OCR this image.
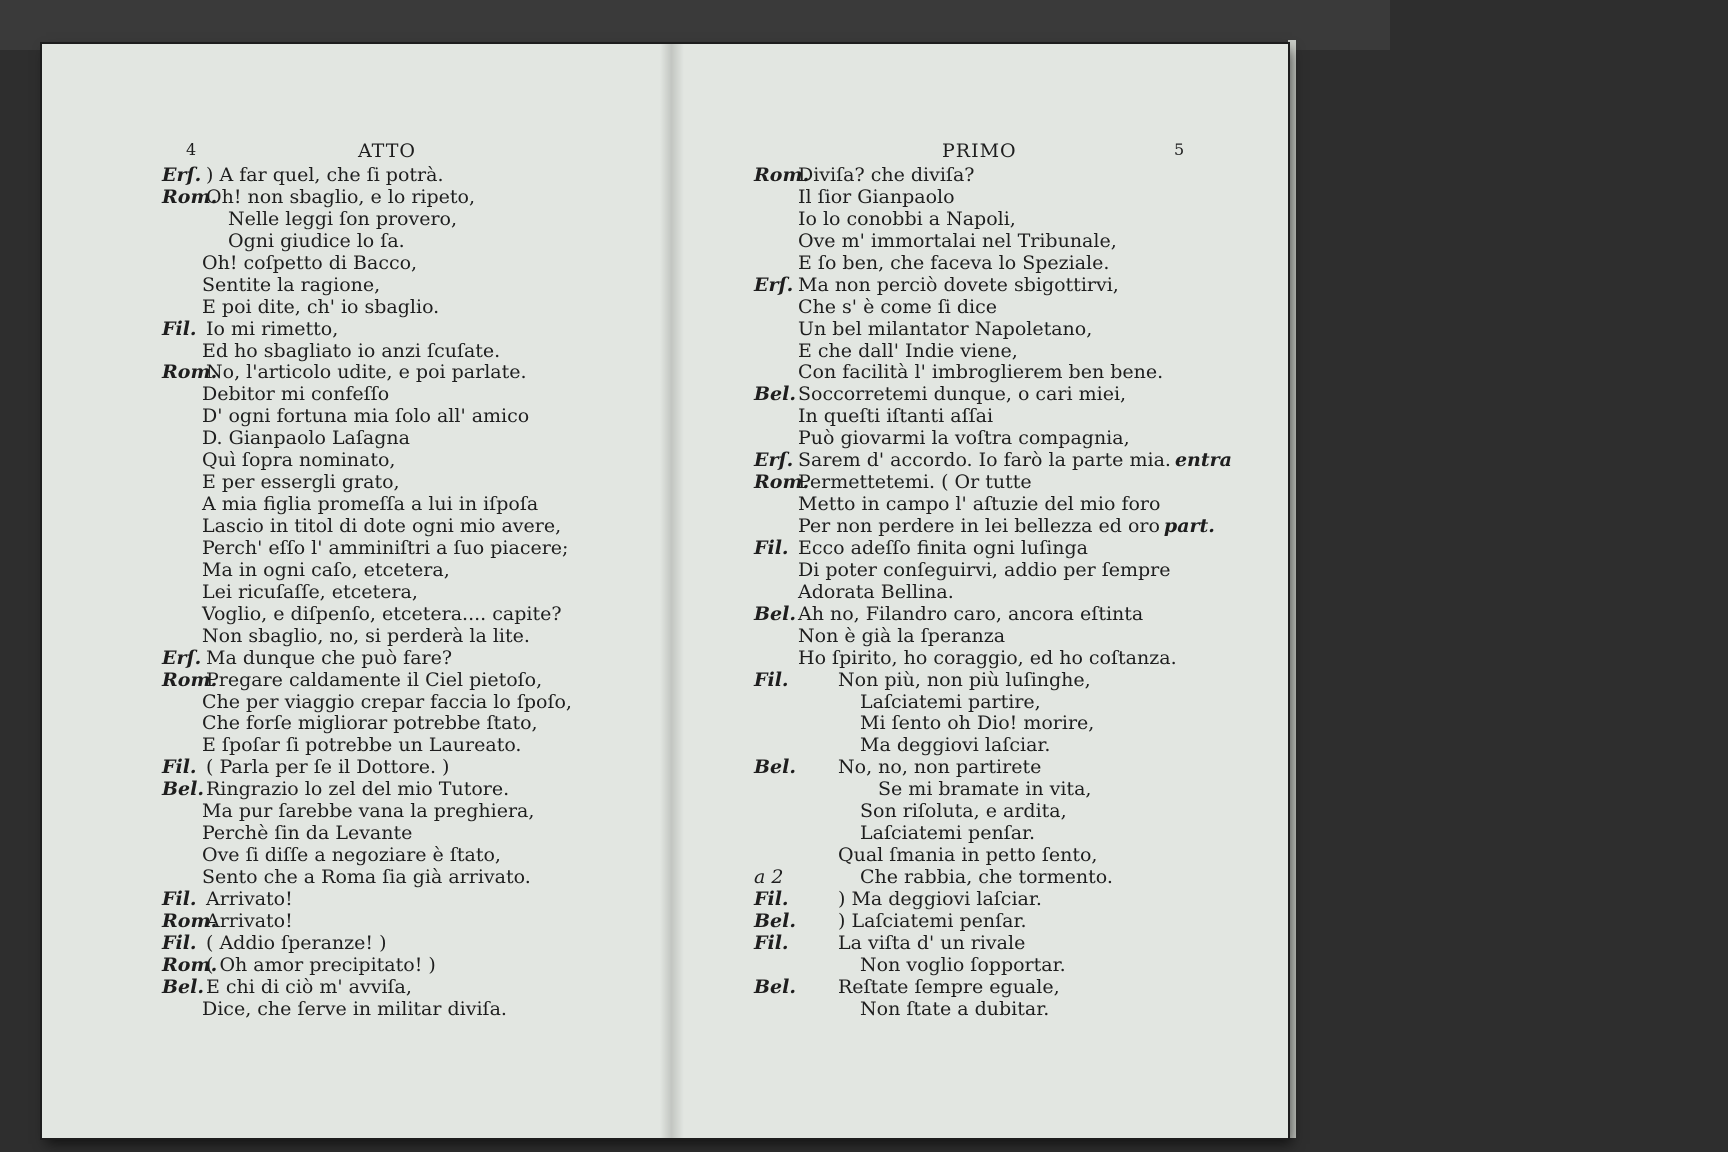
4	ATTO
Erſ. ) A far quel, che ſi potrà.
Rom.Oh! non sbaglio, e lo ripeto,
Nelle leggi ſon provero,
Ogni giudice lo ſa.
Oh! coſpetto di Bacco,
Sentite la ragione,
E poi dite, ch' io sbaglio.
Fil. Io mi rimetto,
Ed ho sbagliato io anzi ſcuſate.
Rom.No, l'articolo udite, e poi parlate.
Debitor mi confeſſo
D' ogni fortuna mia ſolo all' amico
D. Gianpaolo Laſagna
Quì ſopra nominato,
E per essergli grato,
A mia figlia promeſſa a lui in iſpoſa
Lascio in titol di dote ogni mio avere,
Perch' eſſo l' amminiſtri a ſuo piacere;
Ma in ogni caſo, etcetera,
Lei ricuſaſſe, etcetera,
Voglio, e diſpenſo, etcetera.... capite?
Non sbaglio, no, si perderà la lite.
Erſ. Ma dunque che può fare?
Rom.Pregare caldamente il Ciel pietoſo,
Che per viaggio crepar faccia lo ſpoſo,
Che forſe migliorar potrebbe ſtato,
E ſpoſar ſi potrebbe un Laureato.
Fil. ( Parla per ſe il Dottore. )
Bel. Ringrazio lo zel del mio Tutore.
Ma pur ſarebbe vana la preghiera,
Perchè ſin da Levante
Ove ſi diſſe a negoziare è ſtato,
Sento che a Roma ſia già arrivato.
Fil. Arrivato!
Rom.Arrivato!
Fil. ( Addio ſperanze! )
Rom.( Oh amor precipitato! )
Bel. E chi di ciò m' avviſa,
Dice, che ſerve in militar diviſa.
PRIMO	5
Rom.Diviſa? che diviſa?
Il ſior Gianpaolo
Io lo conobbi a Napoli,
Ove m' immortalai nel Tribunale,
E ſo ben, che faceva lo Speziale.
Erſ. Ma non perciò dovete sbigottirvi,
Che s' è come ſi dice
Un bel milantator Napoletano,
E che dall' Indie viene,
Con facilità l' imbroglierem ben bene.
Bel. Soccorretemi dunque, o cari miei,
In queſti iſtanti aſſai
Può giovarmi la voſtra compagnia,
Erſ. Sarem d' accordo. Io farò la parte mia. entra
Rom.Permettetemi. ( Or tutte
Metto in campo l' aſtuzie del mio foro
Per non perdere in lei bellezza ed oro part.
Fil. Ecco adeſſo finita ogni luſinga
Di poter conſeguirvi, addio per ſempre
Adorata Bellina.
Bel. Ah no, Filandro caro, ancora eſtinta
Non è già la ſperanza
Ho ſpirito, ho coraggio, ed ho coſtanza.
Fil.	Non più, non più luſinghe,
Laſciatemi partire,
Mi ſento oh Dio! morire,
Ma deggiovi laſciar.
Bel. No, no, non partirete
Se mi bramate in vita,
Son riſoluta, e ardita,
Laſciatemi penſar.
Qual ſmania in petto ſento,
a 2	Che rabbia, che tormento.
Fil.	) Ma deggiovi laſciar.
Bel. ) Laſciatemi penſar.
Fil.	La viſta d' un rivale
Non voglio ſopportar.
Bel. Reſtate ſempre eguale,
Non ſtate a dubitar.
